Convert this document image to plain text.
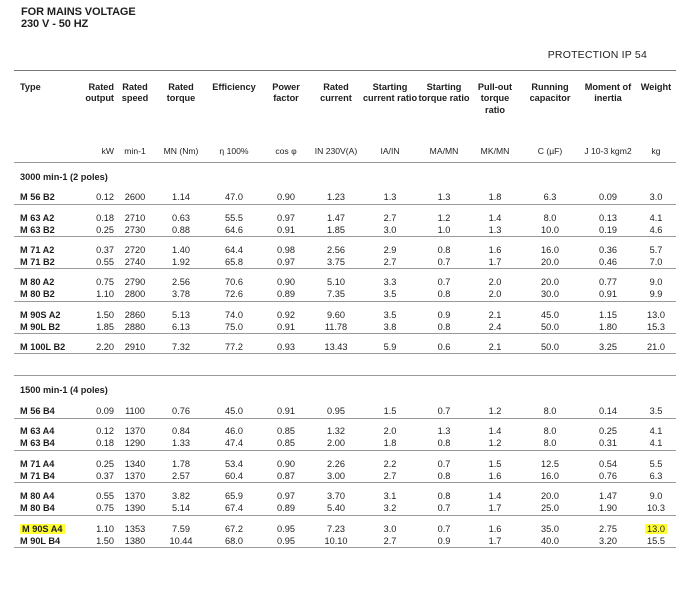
FOR MAINS VOLTAGE
230 V - 50 HZ
PROTECTION IP 54
Type	Rated output	Rated speed	Rated torque	Efficiency	Power factor	Rated current	Starting current ratio	Starting torque ratio	Pull-out torque ratio	Running capacitor	Moment of inertia	Weight
	kW	min-1	MN (Nm)	η 100%	cos φ	IN 230V(A)	IA/IN	MA/MN	MK/MN	C (µF)	J 10-3 kgm2	kg
3000 min-1 (2 poles)												
M 56 B2	0.12	2600	1.14	47.0	0.90	1.23	1.3	1.3	1.8	6.3	0.09	3.0

M 63 A2	0.18	2710	0.63	55.5	0.97	1.47	2.7	1.2	1.4	8.0	0.13	4.1
M 63 B2	0.25	2730	0.88	64.6	0.91	1.85	3.0	1.0	1.3	10.0	0.19	4.6

M 71 A2	0.37	2720	1.40	64.4	0.98	2.56	2.9	0.8	1.6	16.0	0.36	5.7
M 71 B2	0.55	2740	1.92	65.8	0.97	3.75	2.7	0.7	1.7	20.0	0.46	7.0

M 80 A2	0.75	2790	2.56	70.6	0.90	5.10	3.3	0.7	2.0	20.0	0.77	9.0
M 80 B2	1.10	2800	3.78	72.6	0.89	7.35	3.5	0.8	2.0	30.0	0.91	9.9

M 90S A2	1.50	2860	5.13	74.0	0.92	9.60	3.5	0.9	2.1	45.0	1.15	13.0
M 90L B2	1.85	2880	6.13	75.0	0.91	11.78	3.8	0.8	2.4	50.0	1.80	15.3

M 100L B2	2.20	2910	7.32	77.2	0.93	13.43	5.9	0.6	2.1	50.0	3.25	21.0

1500 min-1 (4 poles)												
M 56 B4	0.09	1100	0.76	45.0	0.91	0.95	1.5	0.7	1.2	8.0	0.14	3.5

M 63 A4	0.12	1370	0.84	46.0	0.85	1.32	2.0	1.3	1.4	8.0	0.25	4.1
M 63 B4	0.18	1290	1.33	47.4	0.85	2.00	1.8	0.8	1.2	8.0	0.31	4.1

M 71 A4	0.25	1340	1.78	53.4	0.90	2.26	2.2	0.7	1.5	12.5	0.54	5.5
M 71 B4	0.37	1370	2.57	60.4	0.87	3.00	2.7	0.8	1.6	16.0	0.76	6.3

M 80 A4	0.55	1370	3.82	65.9	0.97	3.70	3.1	0.8	1.4	20.0	1.47	9.0
M 80 B4	0.75	1390	5.14	67.4	0.89	5.40	3.2	0.7	1.7	25.0	1.90	10.3

M 90S A4	1.10	1353	7.59	67.2	0.95	7.23	3.0	0.7	1.6	35.0	2.75	13.0
M 90L B4	1.50	1380	10.44	68.0	0.95	10.10	2.7	0.9	1.7	40.0	3.20	15.5
